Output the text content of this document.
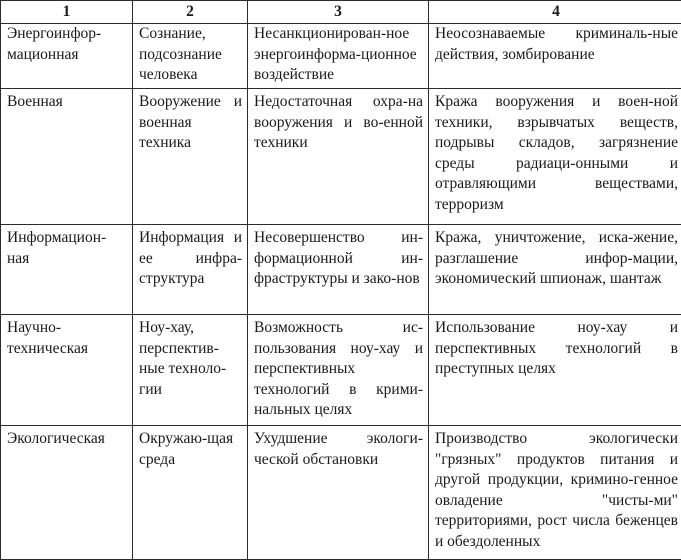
1	2	3	4

Энергоинфор-
мационная	Сознание, подсознание человека	Несанкционирован-ное энергоинформа-ционное воздействие	Неосознаваемые криминаль-ные действия, зомбирование

Военная	Вооружение и военная техника	Недостаточная охра-на вооружения и во-енной техники	Кража вооружения и воен-ной техники, взрывчатых веществ, подрывы складов, загрязнение среды радиаци-онными и отравляющими веществами, терроризм

Информацион-ная	Информация и ее инфра-структура	Несовершенство ин-формационной ин-фраструктуры и зако-нов	Кража, уничтожение, иска-жение, разглашение инфор-мации, экономический шпионаж, шантаж

Научно-
техническая	Ноу-хау, перспектив-ные техноло-гии	Возможность ис-пользования ноу-хау и перспективных технологий в крими-нальных целях	Использование ноу-хау и перспективных технологий в преступных целях

Экологическая	Окружаю-щая среда	Ухудшение экологи-ческой обстановки	Производство экологически "грязных" продуктов питания и другой продукции, кримино-генное овладение "чисты-ми" территориями, рост числа беженцев и обездоленных
